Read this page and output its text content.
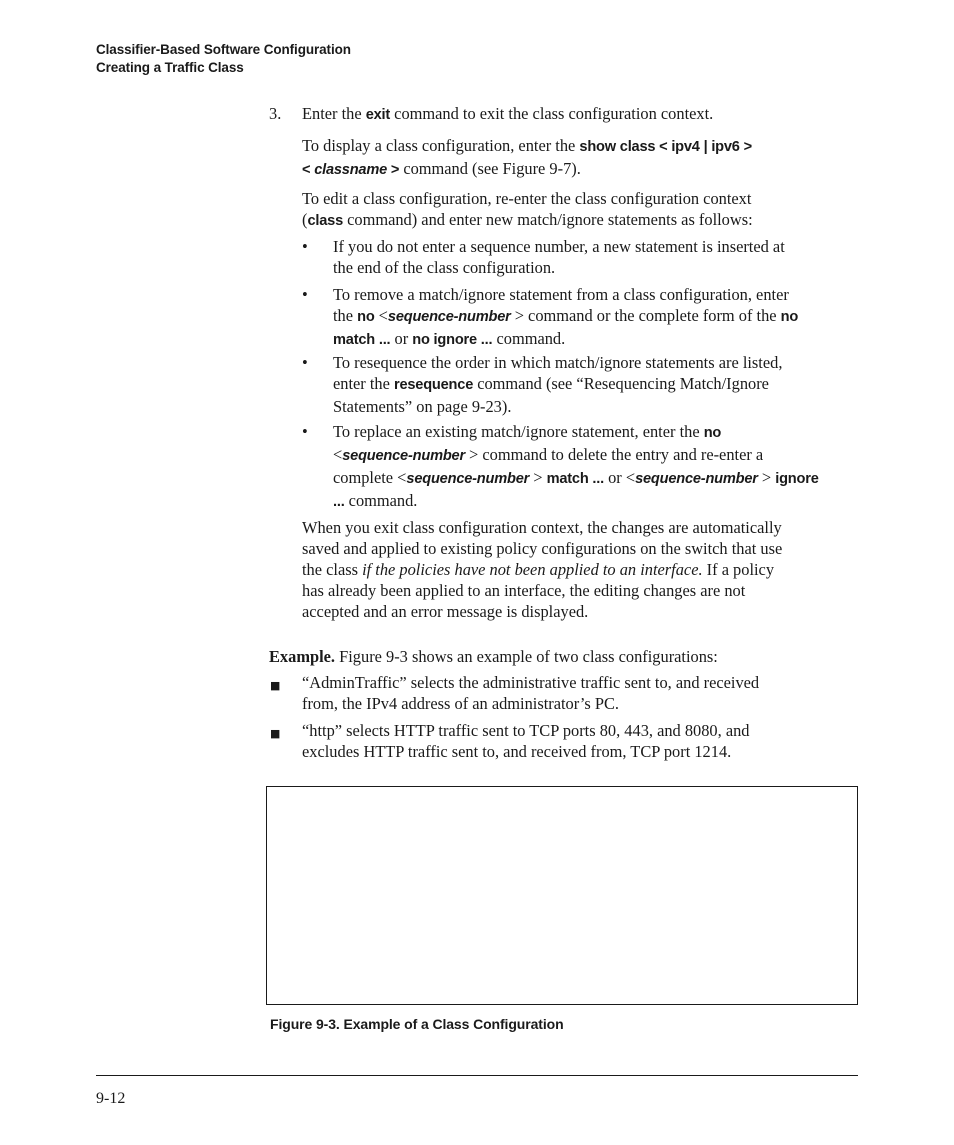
Classifier-Based Software Configuration
Creating a Traffic Class
3. Enter the exit command to exit the class configuration context.
To display a class configuration, enter the show class < ipv4 | ipv6 >
< classname > command (see Figure 9-7).
To edit a class configuration, re-enter the class configuration context
(class command) and enter new match/ignore statements as follows:
• If you do not enter a sequence number, a new statement is inserted at
the end of the class configuration.
• To remove a match/ignore statement from a class configuration, enter
the no <sequence-number > command or the complete form of the no
match ... or no ignore ... command.
• To resequence the order in which match/ignore statements are listed,
enter the resequence command (see “Resequencing Match/Ignore
Statements” on page 9-23).
• To replace an existing match/ignore statement, enter the no
<sequence-number > command to delete the entry and re-enter a
complete <sequence-number > match ... or <sequence-number > ignore
... command.
When you exit class configuration context, the changes are automatically
saved and applied to existing policy configurations on the switch that use
the class if the policies have not been applied to an interface. If a policy
has already been applied to an interface, the editing changes are not
accepted and an error message is displayed.
Example. Figure 9-3 shows an example of two class configurations:
■ “AdminTraffic” selects the administrative traffic sent to, and received
from, the IPv4 address of an administrator’s PC.
■ “http” selects HTTP traffic sent to TCP ports 80, 443, and 8080, and
excludes HTTP traffic sent to, and received from, TCP port 1214.
Figure 9-3. Example of a Class Configuration
9-12
